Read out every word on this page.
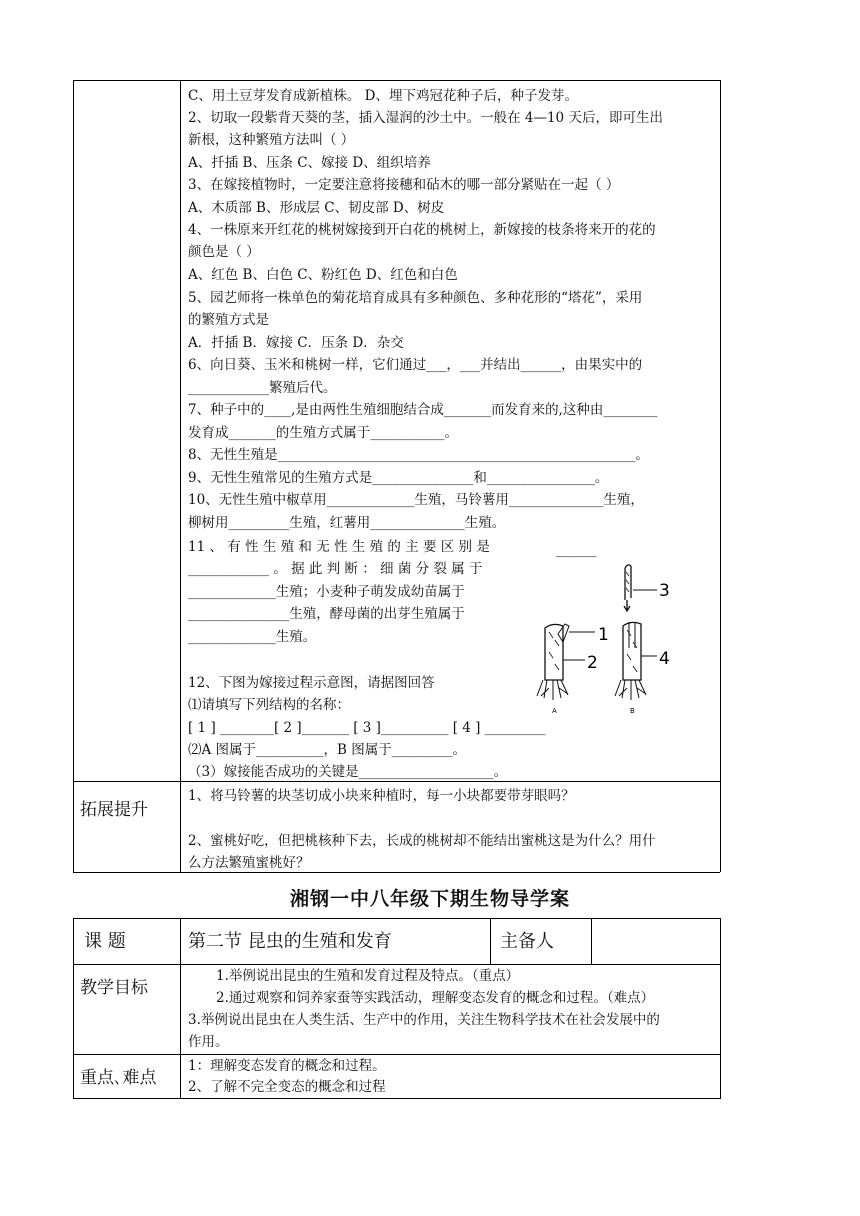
C、用土豆芽发育成新植株。 D、埋下鸡冠花种子后，种子发芽。
2、切取一段紫背天葵的茎，插入湿润的沙土中。一般在 4—10 天后，即可生出
新根，这种繁殖方法叫（ ）
A、扦插 B、压条 C、嫁接 D、组织培养
3、在嫁接植物时，一定要注意将接穗和砧木的哪一部分紧贴在一起（ ）
A、木质部 B、形成层 C、韧皮部 D、树皮
4、一株原来开红花的桃树嫁接到开白花的桃树上，新嫁接的枝条将来开的花的
颜色是（ ）
A、红色 B、白色 C、粉红色 D、红色和白色
5、园艺师将一株单色的菊花培育成具有多种颜色、多种花形的“塔花”，采用
的繁殖方式是
A．扦插 B．嫁接 C．压条 D．杂交
6、向日葵、玉米和桃树一样，它们通过___，___并结出______，由果实中的
____________繁殖后代。
7、种子中的____,是由两性生殖细胞结合成_______而发育来的,这种由________
发育成_______的生殖方式属于___________。
8、无性生殖是_____________________________________________________。
9、无性生殖常见的生殖方式是_______________和________________。
10、无性生殖中椒草用_____________生殖，马铃薯用______________生殖，
柳树用_________生殖，红薯用______________生殖。
11 、 有 性 生 殖 和 无 性 生 殖 的 主 要 区 别 是
____________ 。 据 此 判 断 ： 细 菌 分 裂 属 于
_____________生殖；小麦种子萌发成幼苗属于
_______________生殖，酵母菌的出芽生殖属于
_____________生殖。
12、下图为嫁接过程示意图，请据图回答
⑴请填写下列结构的名称：
[ 1 ] ________[ 2 ]_______ [ 3 ]__________ [ 4 ] _________
⑵A 图属于__________，B 图属于_________。
（3）嫁接能否成功的关键是____________________。
______
3
1
2
A
4
B
拓展提升
1、将马铃薯的块茎切成小块来种植时，每一小块都要带芽眼吗？
2、蜜桃好吃，但把桃核种下去，长成的桃树却不能结出蜜桃这是为什么？用什
么方法繁殖蜜桃好？
湘钢一中八年级下期生物导学案
课 题	第二节 昆虫的生殖和发育	主备人
教学目标
1.举例说出昆虫的生殖和发育过程及特点。（重点）
2.通过观察和饲养家蚕等实践活动，理解变态发育的概念和过程。（难点）
3.举例说出昆虫在人类生活、生产中的作用，关注生物科学技术在社会发展中的
作用。
重点､难点
1：理解变态发育的概念和过程。
2、了解不完全变态的概念和过程
